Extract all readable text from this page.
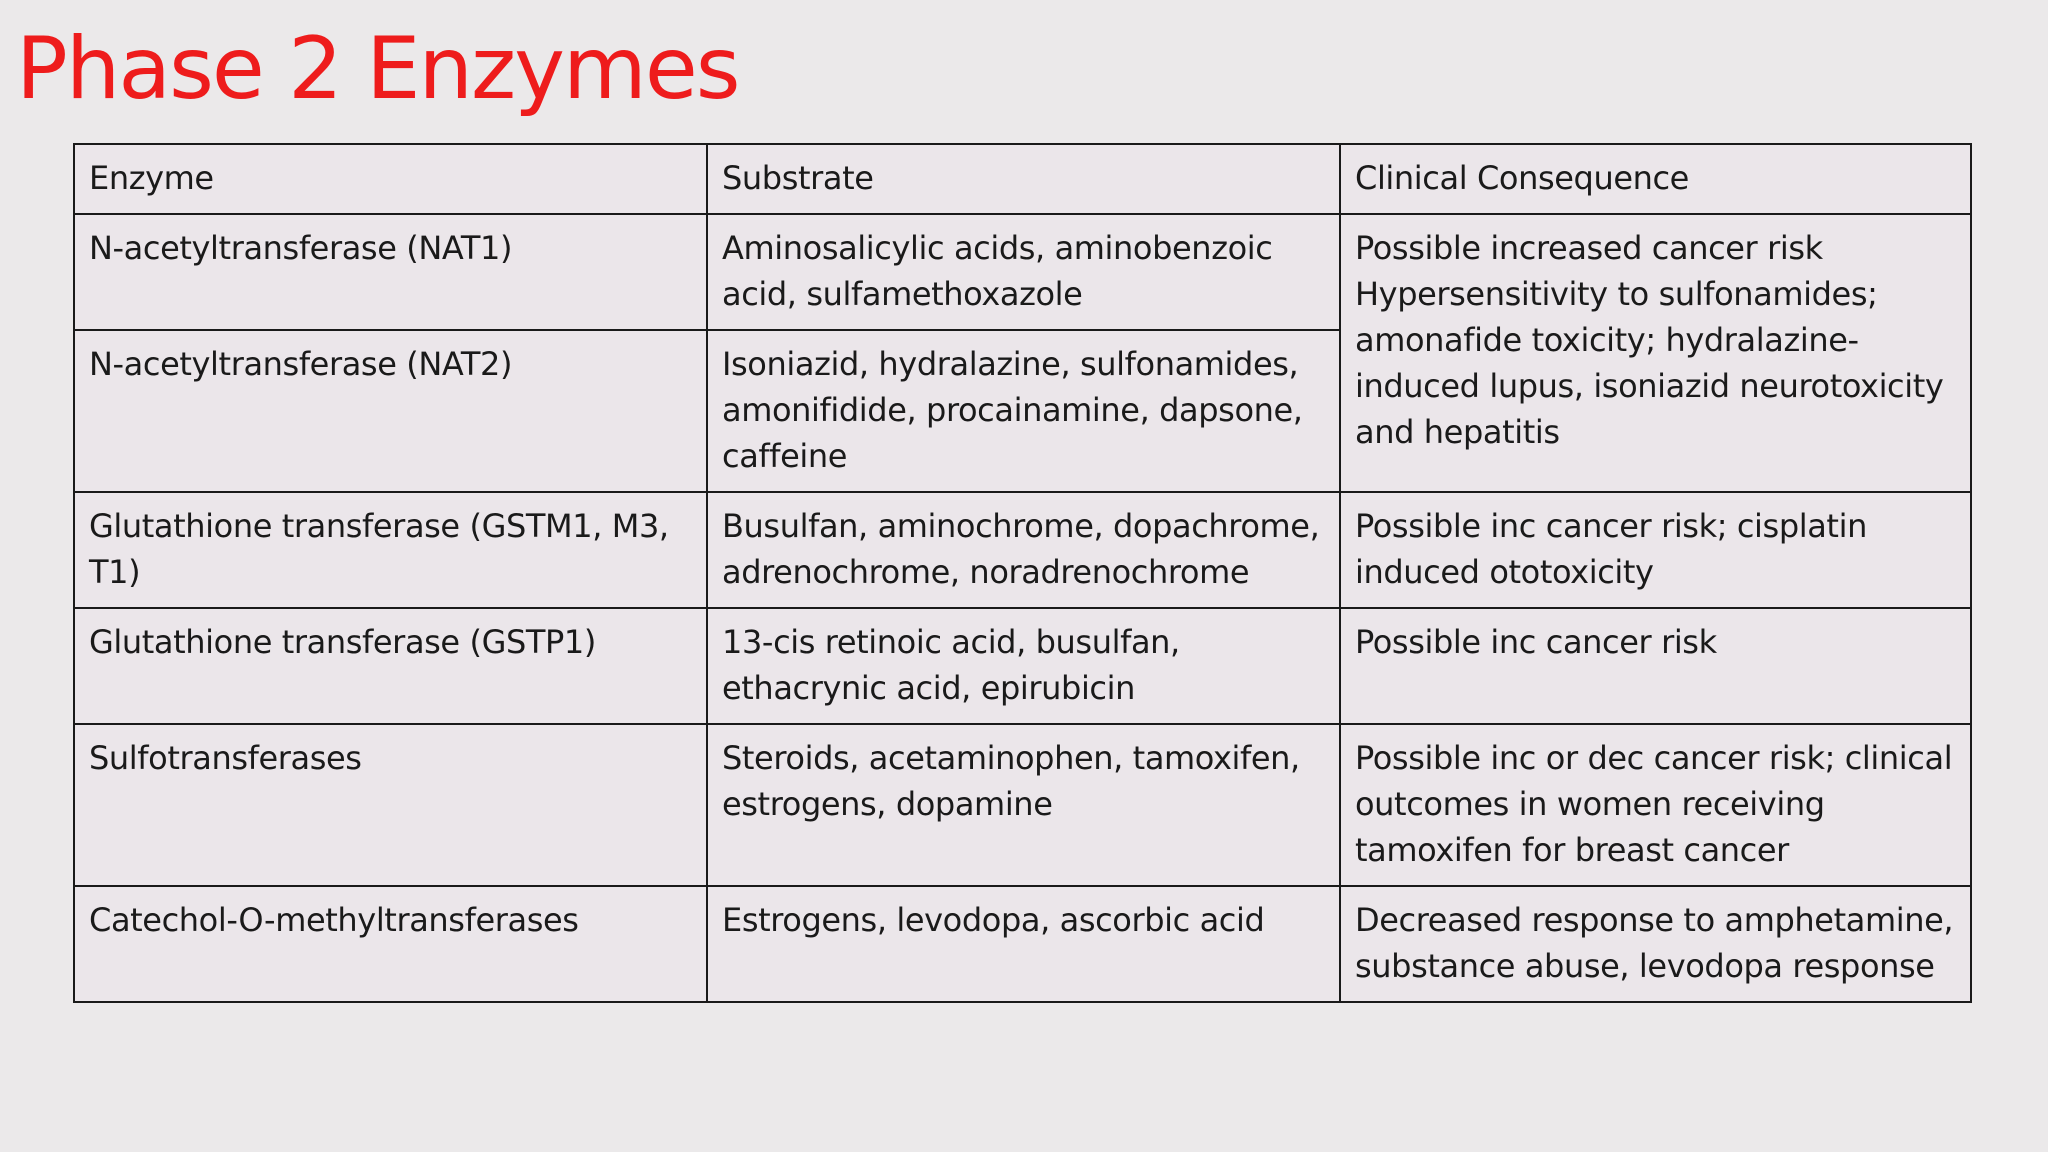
Phase 2 Enzymes
Enzyme	Substrate	Clinical Consequence
N-acetyltransferase (NAT1)	Aminosalicylic acids, aminobenzoic acid, sulfamethoxazole	Possible increased cancer risk Hypersensitivity to sulfonamides; amonafide toxicity; hydralazine-induced lupus, isoniazid neurotoxicity and hepatitis
N-acetyltransferase (NAT2)	Isoniazid, hydralazine, sulfonamides, amonifidide, procainamine, dapsone, caffeine	
Glutathione transferase (GSTM1, M3, T1)	Busulfan, aminochrome, dopachrome, adrenochrome, noradrenochrome	Possible inc cancer risk; cisplatin induced ototoxicity
Glutathione transferase (GSTP1)	13-cis retinoic acid, busulfan, ethacrynic acid, epirubicin	Possible inc cancer risk
Sulfotransferases	Steroids, acetaminophen, tamoxifen, estrogens, dopamine	Possible inc or dec cancer risk; clinical outcomes in women receiving tamoxifen for breast cancer
Catechol-O-methyltransferases	Estrogens, levodopa, ascorbic acid	Decreased response to amphetamine, substance abuse, levodopa response
